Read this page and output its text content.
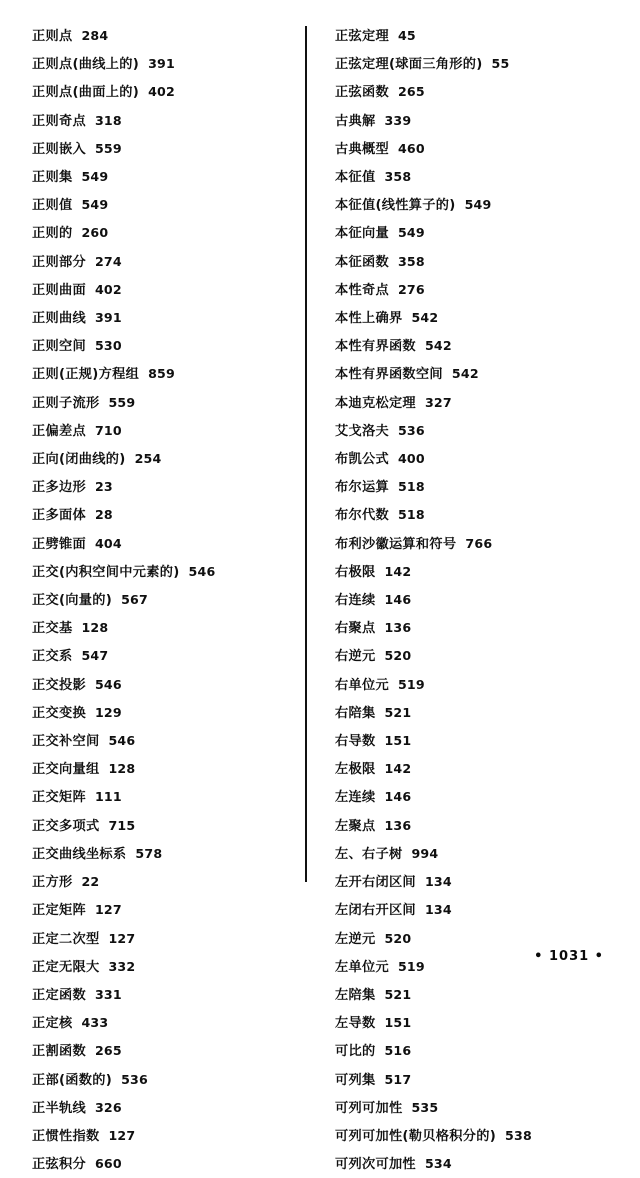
正则点 284
正则点(曲线上的) 391
正则点(曲面上的) 402
正则奇点 318
正则嵌入 559
正则集 549
正则值 549
正则的 260
正则部分 274
正则曲面 402
正则曲线 391
正则空间 530
正则(正规)方程组 859
正则子流形 559
正偏差点 710
正向(闭曲线的) 254
正多边形 23
正多面体 28
正劈锥面 404
正交(内积空间中元素的) 546
正交(向量的) 567
正交基 128
正交系 547
正交投影 546
正交变换 129
正交补空间 546
正交向量组 128
正交矩阵 111
正交多项式 715
正交曲线坐标系 578
正方形 22
正定矩阵 127
正定二次型 127
正定无限大 332
正定函数 331
正定核 433
正割函数 265
正部(函数的) 536
正半轨线 326
正惯性指数 127
正弦积分 660
正弦定理 45
正弦定理(球面三角形的) 55
正弦函数 265
古典解 339
古典概型 460
本征值 358
本征值(线性算子的) 549
本征向量 549
本征函数 358
本性奇点 276
本性上确界 542
本性有界函数 542
本性有界函数空间 542
本迪克松定理 327
艾戈洛夫 536
布凯公式 400
布尔运算 518
布尔代数 518
布利沙徽运算和符号 766
右极限 142
右连续 146
右聚点 136
右逆元 520
右单位元 519
右陪集 521
右导数 151
左极限 142
左连续 146
左聚点 136
左、右子树 994
左开右闭区间 134
左闭右开区间 134
左逆元 520
左单位元 519
左陪集 521
左导数 151
可比的 516
可列集 517
可列可加性 535
可列可加性(勒贝格积分的) 538
可列次可加性 534
• 1031 •
